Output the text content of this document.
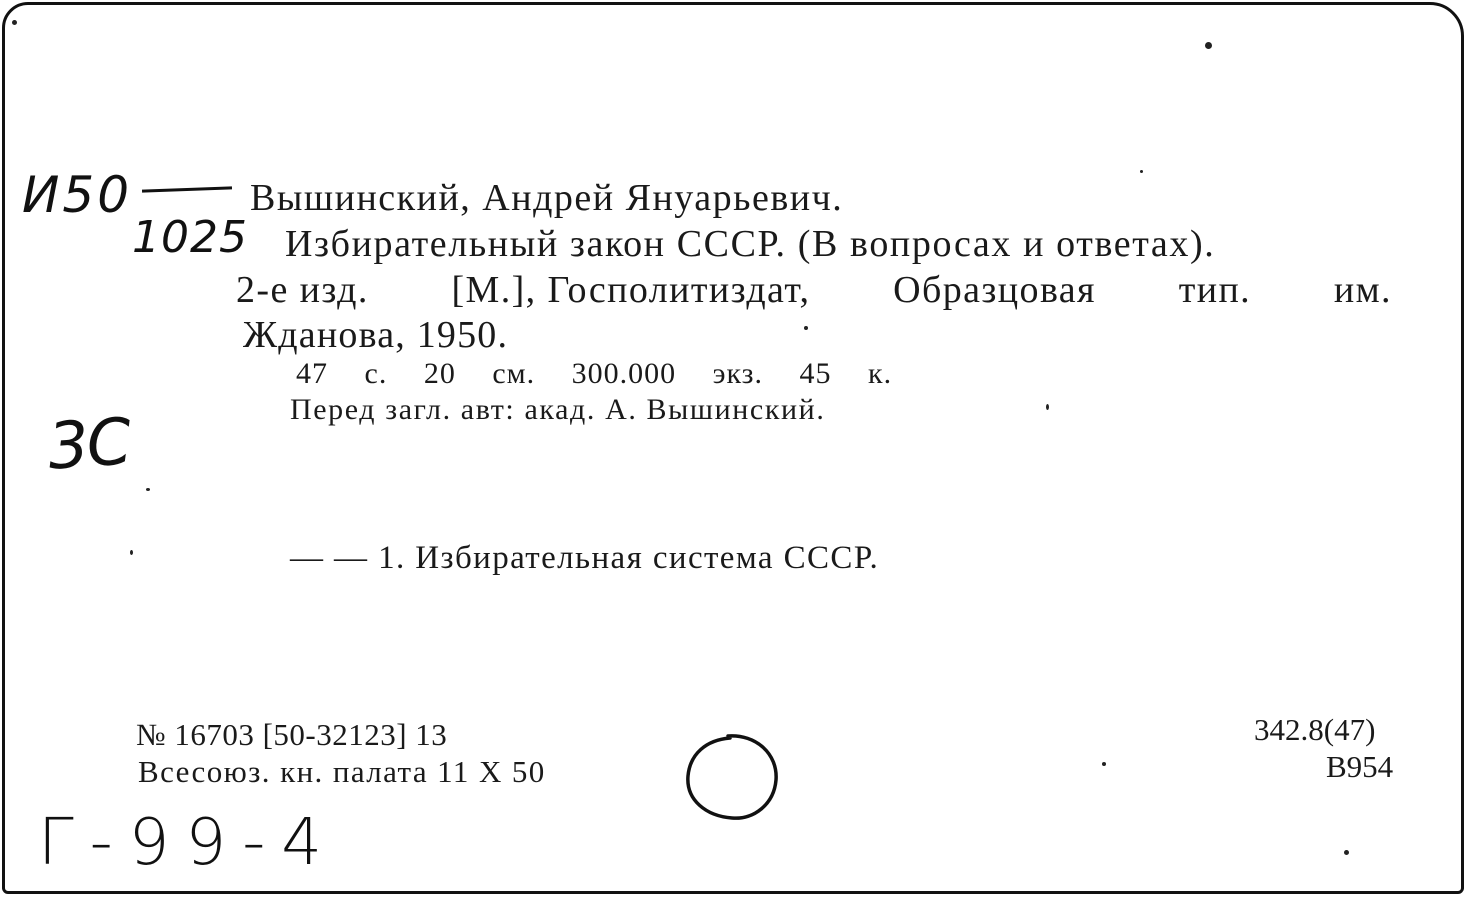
И50
1025
Вышинский, Андрей Януарьевич.
Избирательный закон СССР. (В вопросах и ответах).
2-е изд. [М.], Госполитиздат, Образцовая тип. им.
Жданова, 1950.
47 с. 20 см. 300.000 экз. 45 к.
Перед загл. авт: акад. А. Вышинский.
3С
— — 1. Избирательная система СССР.
№ 16703 [50-32123] 13
Всесоюз. кн. палата 11 X 50
342.8(47)
В954
Г-99-4
